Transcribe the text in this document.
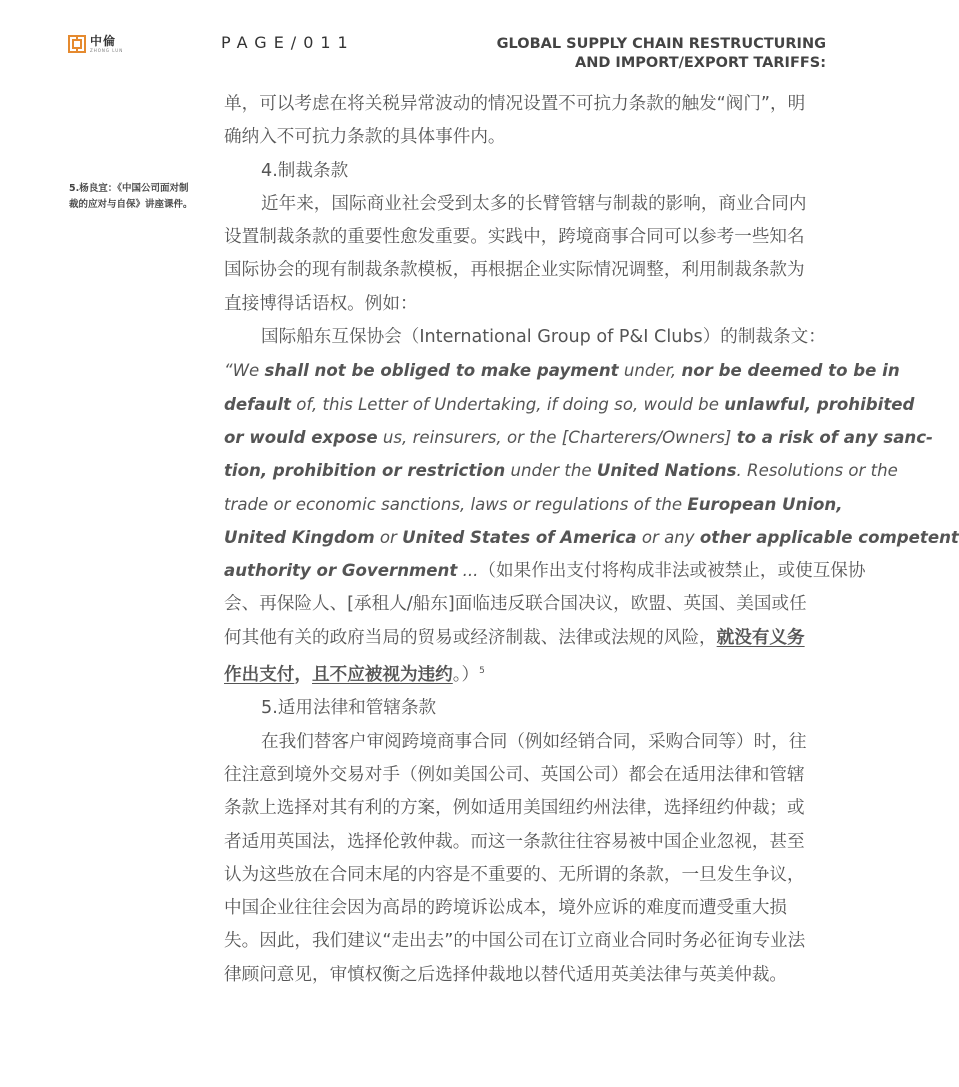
中倫
ZHONG LUN	PAGE/011	GLOBAL SUPPLY CHAIN RESTRUCTURING
AND IMPORT/EXPORT TARIFFS:
5.杨良宜：《中国公司面对制裁的应对与自保》讲座课件。

单，可以考虑在将关税异常波动的情况设置不可抗力条款的触发“阀门”，明

确纳入不可抗力条款的具体事件内。

4.制裁条款

近年来，国际商业社会受到太多的长臂管辖与制裁的影响，商业合同内

设置制裁条款的重要性愈发重要。实践中，跨境商事合同可以参考一些知名

国际协会的现有制裁条款模板，再根据企业实际情况调整，利用制裁条款为

直接博得话语权。例如：

国际船东互保协会（International Group of P&I Clubs）的制裁条文：

“We shall not be obliged to make payment under, nor be deemed to be in

default of, this Letter of Undertaking, if doing so, would be unlawful, prohibited

or would expose us, reinsurers, or the [Charterers/Owners] to a risk of any sanc-

tion, prohibition or restriction under the United Nations. Resolutions or the

trade or economic sanctions, laws or regulations of the European Union,

United Kingdom or United States of America or any other applicable competent

authority or Government ...（如果作出支付将构成非法或被禁止，或使互保协

会、再保险人、[承租人/船东]面临违反联合国决议，欧盟、英国、美国或任

何其他有关的政府当局的贸易或经济制裁、法律或法规的风险，就没有义务

作出支付，且不应被视为违约。）$^5$

5.适用法律和管辖条款

在我们替客户审阅跨境商事合同（例如经销合同，采购合同等）时，往

往注意到境外交易对手（例如美国公司、英国公司）都会在适用法律和管辖

条款上选择对其有利的方案，例如适用美国纽约州法律，选择纽约仲裁；或

者适用英国法，选择伦敦仲裁。而这一条款往往容易被中国企业忽视，甚至

认为这些放在合同末尾的内容是不重要的、无所谓的条款，一旦发生争议，

中国企业往往会因为高昂的跨境诉讼成本，境外应诉的难度而遭受重大损

失。因此，我们建议“走出去”的中国公司在订立商业合同时务必征询专业法

律顾问意见，审慎权衡之后选择仲裁地以替代适用英美法律与英美仲裁。
